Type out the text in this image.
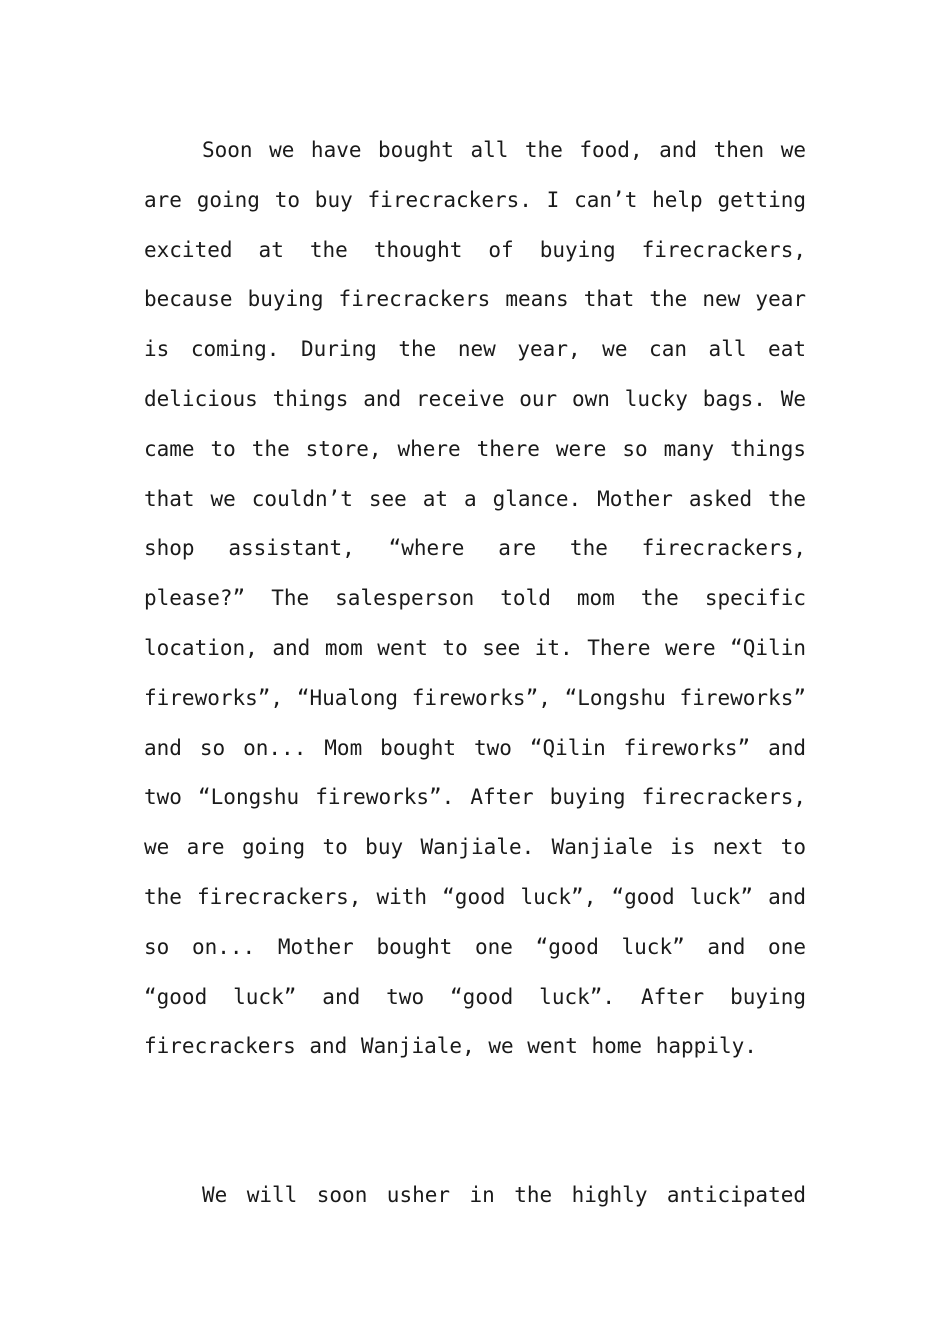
Soon we have bought all the food, and then we are going to buy firecrackers. I can’t help getting excited at the thought of buying firecrackers, because buying firecrackers means that the new year is coming. During the new year, we can all eat delicious things and receive our own lucky bags. We came to the store, where there were so many things that we couldn’t see at a glance. Mother asked the shop assistant, “where are the firecrackers, please?” The salesperson told mom the specific location, and mom went to see it. There were “Qilin fireworks”, “Hualong fireworks”, “Longshu fireworks” and so on... Mom bought two “Qilin fireworks” and two “Longshu fireworks”. After buying firecrackers, we are going to buy Wanjiale. Wanjiale is next to the firecrackers, with “good luck”, “good luck” and so on... Mother bought one “good luck” and one “good luck” and two “good luck”. After buying firecrackers and Wanjiale, we went home happily.

We will soon usher in the highly anticipated
